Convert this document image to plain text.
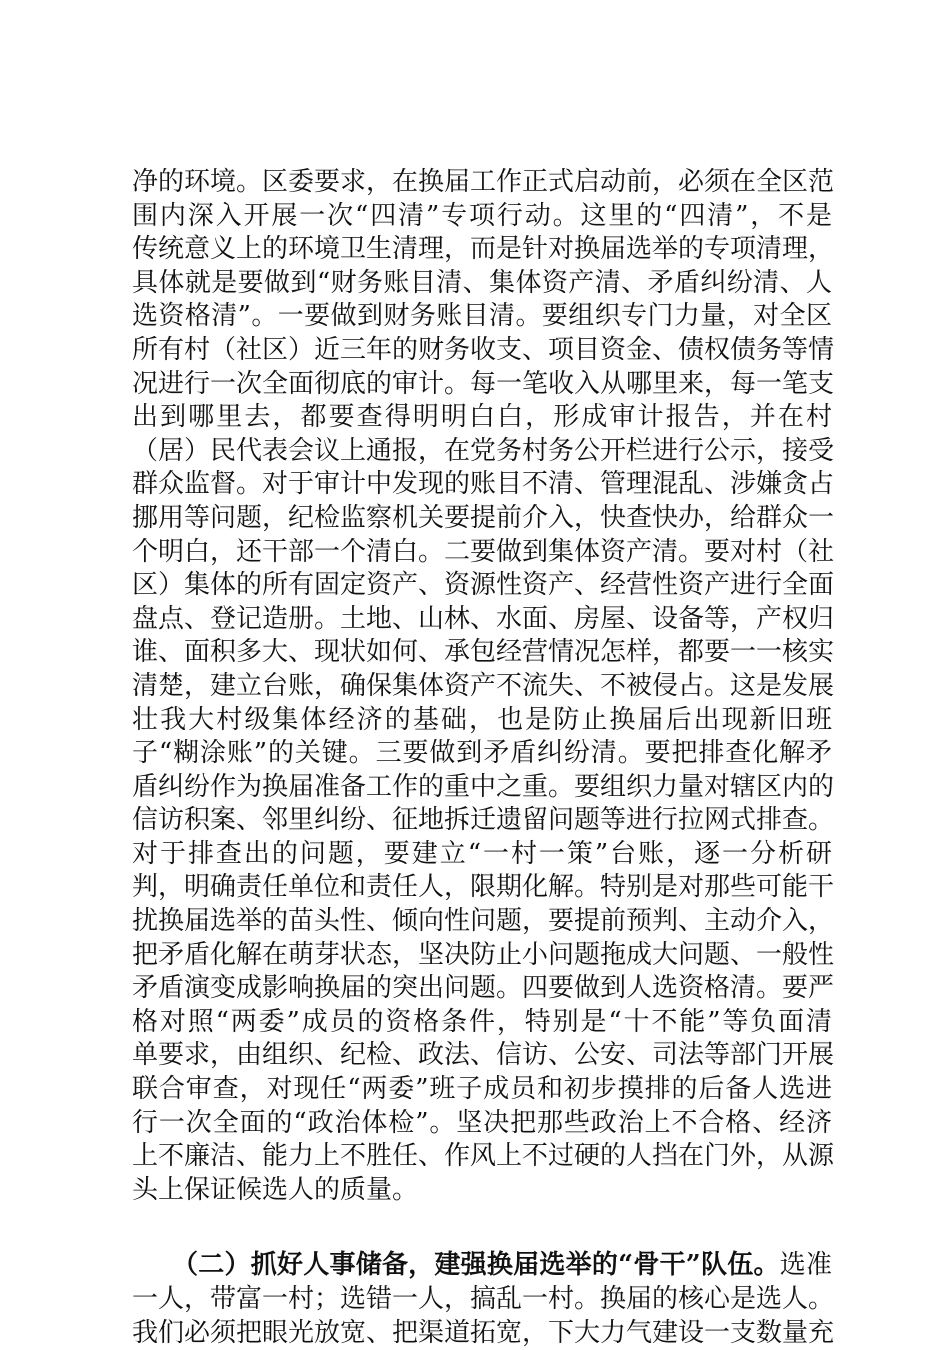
净的环境。区委要求，在换届工作正式启动前，必须在全区范
围内深入开展一次“四清”专项行动。这里的“四清”，不是
传统意义上的环境卫生清理，而是针对换届选举的专项清理，
具体就是要做到“财务账目清、集体资产清、矛盾纠纷清、人
选资格清”。一要做到财务账目清。要组织专门力量，对全区
所有村（社区）近三年的财务收支、项目资金、债权债务等情
况进行一次全面彻底的审计。每一笔收入从哪里来，每一笔支
出到哪里去，都要查得明明白白，形成审计报告，并在村
（居）民代表会议上通报，在党务村务公开栏进行公示，接受
群众监督。对于审计中发现的账目不清、管理混乱、涉嫌贪占
挪用等问题，纪检监察机关要提前介入，快查快办，给群众一
个明白，还干部一个清白。二要做到集体资产清。要对村（社
区）集体的所有固定资产、资源性资产、经营性资产进行全面
盘点、登记造册。土地、山林、水面、房屋、设备等，产权归
谁、面积多大、现状如何、承包经营情况怎样，都要一一核实
清楚，建立台账，确保集体资产不流失、不被侵占。这是发展
壮我大村级集体经济的基础，也是防止换届后出现新旧班
子“糊涂账”的关键。三要做到矛盾纠纷清。要把排查化解矛
盾纠纷作为换届准备工作的重中之重。要组织力量对辖区内的
信访积案、邻里纠纷、征地拆迁遗留问题等进行拉网式排查。
对于排查出的问题，要建立“一村一策”台账，逐一分析研
判，明确责任单位和责任人，限期化解。特别是对那些可能干
扰换届选举的苗头性、倾向性问题，要提前预判、主动介入，
把矛盾化解在萌芽状态，坚决防止小问题拖成大问题、一般性
矛盾演变成影响换届的突出问题。四要做到人选资格清。要严
格对照“两委”成员的资格条件，特别是“十不能”等负面清
单要求，由组织、纪检、政法、信访、公安、司法等部门开展
联合审查，对现任“两委”班子成员和初步摸排的后备人选进
行一次全面的“政治体检”。坚决把那些政治上不合格、经济
上不廉洁、能力上不胜任、作风上不过硬的人挡在门外，从源
头上保证候选人的质量。
（二）抓好人事储备，建强换届选举的“骨干”队伍。选准
一人，带富一村；选错一人，搞乱一村。换届的核心是选人。
我们必须把眼光放宽、把渠道拓宽，下大力气建设一支数量充
